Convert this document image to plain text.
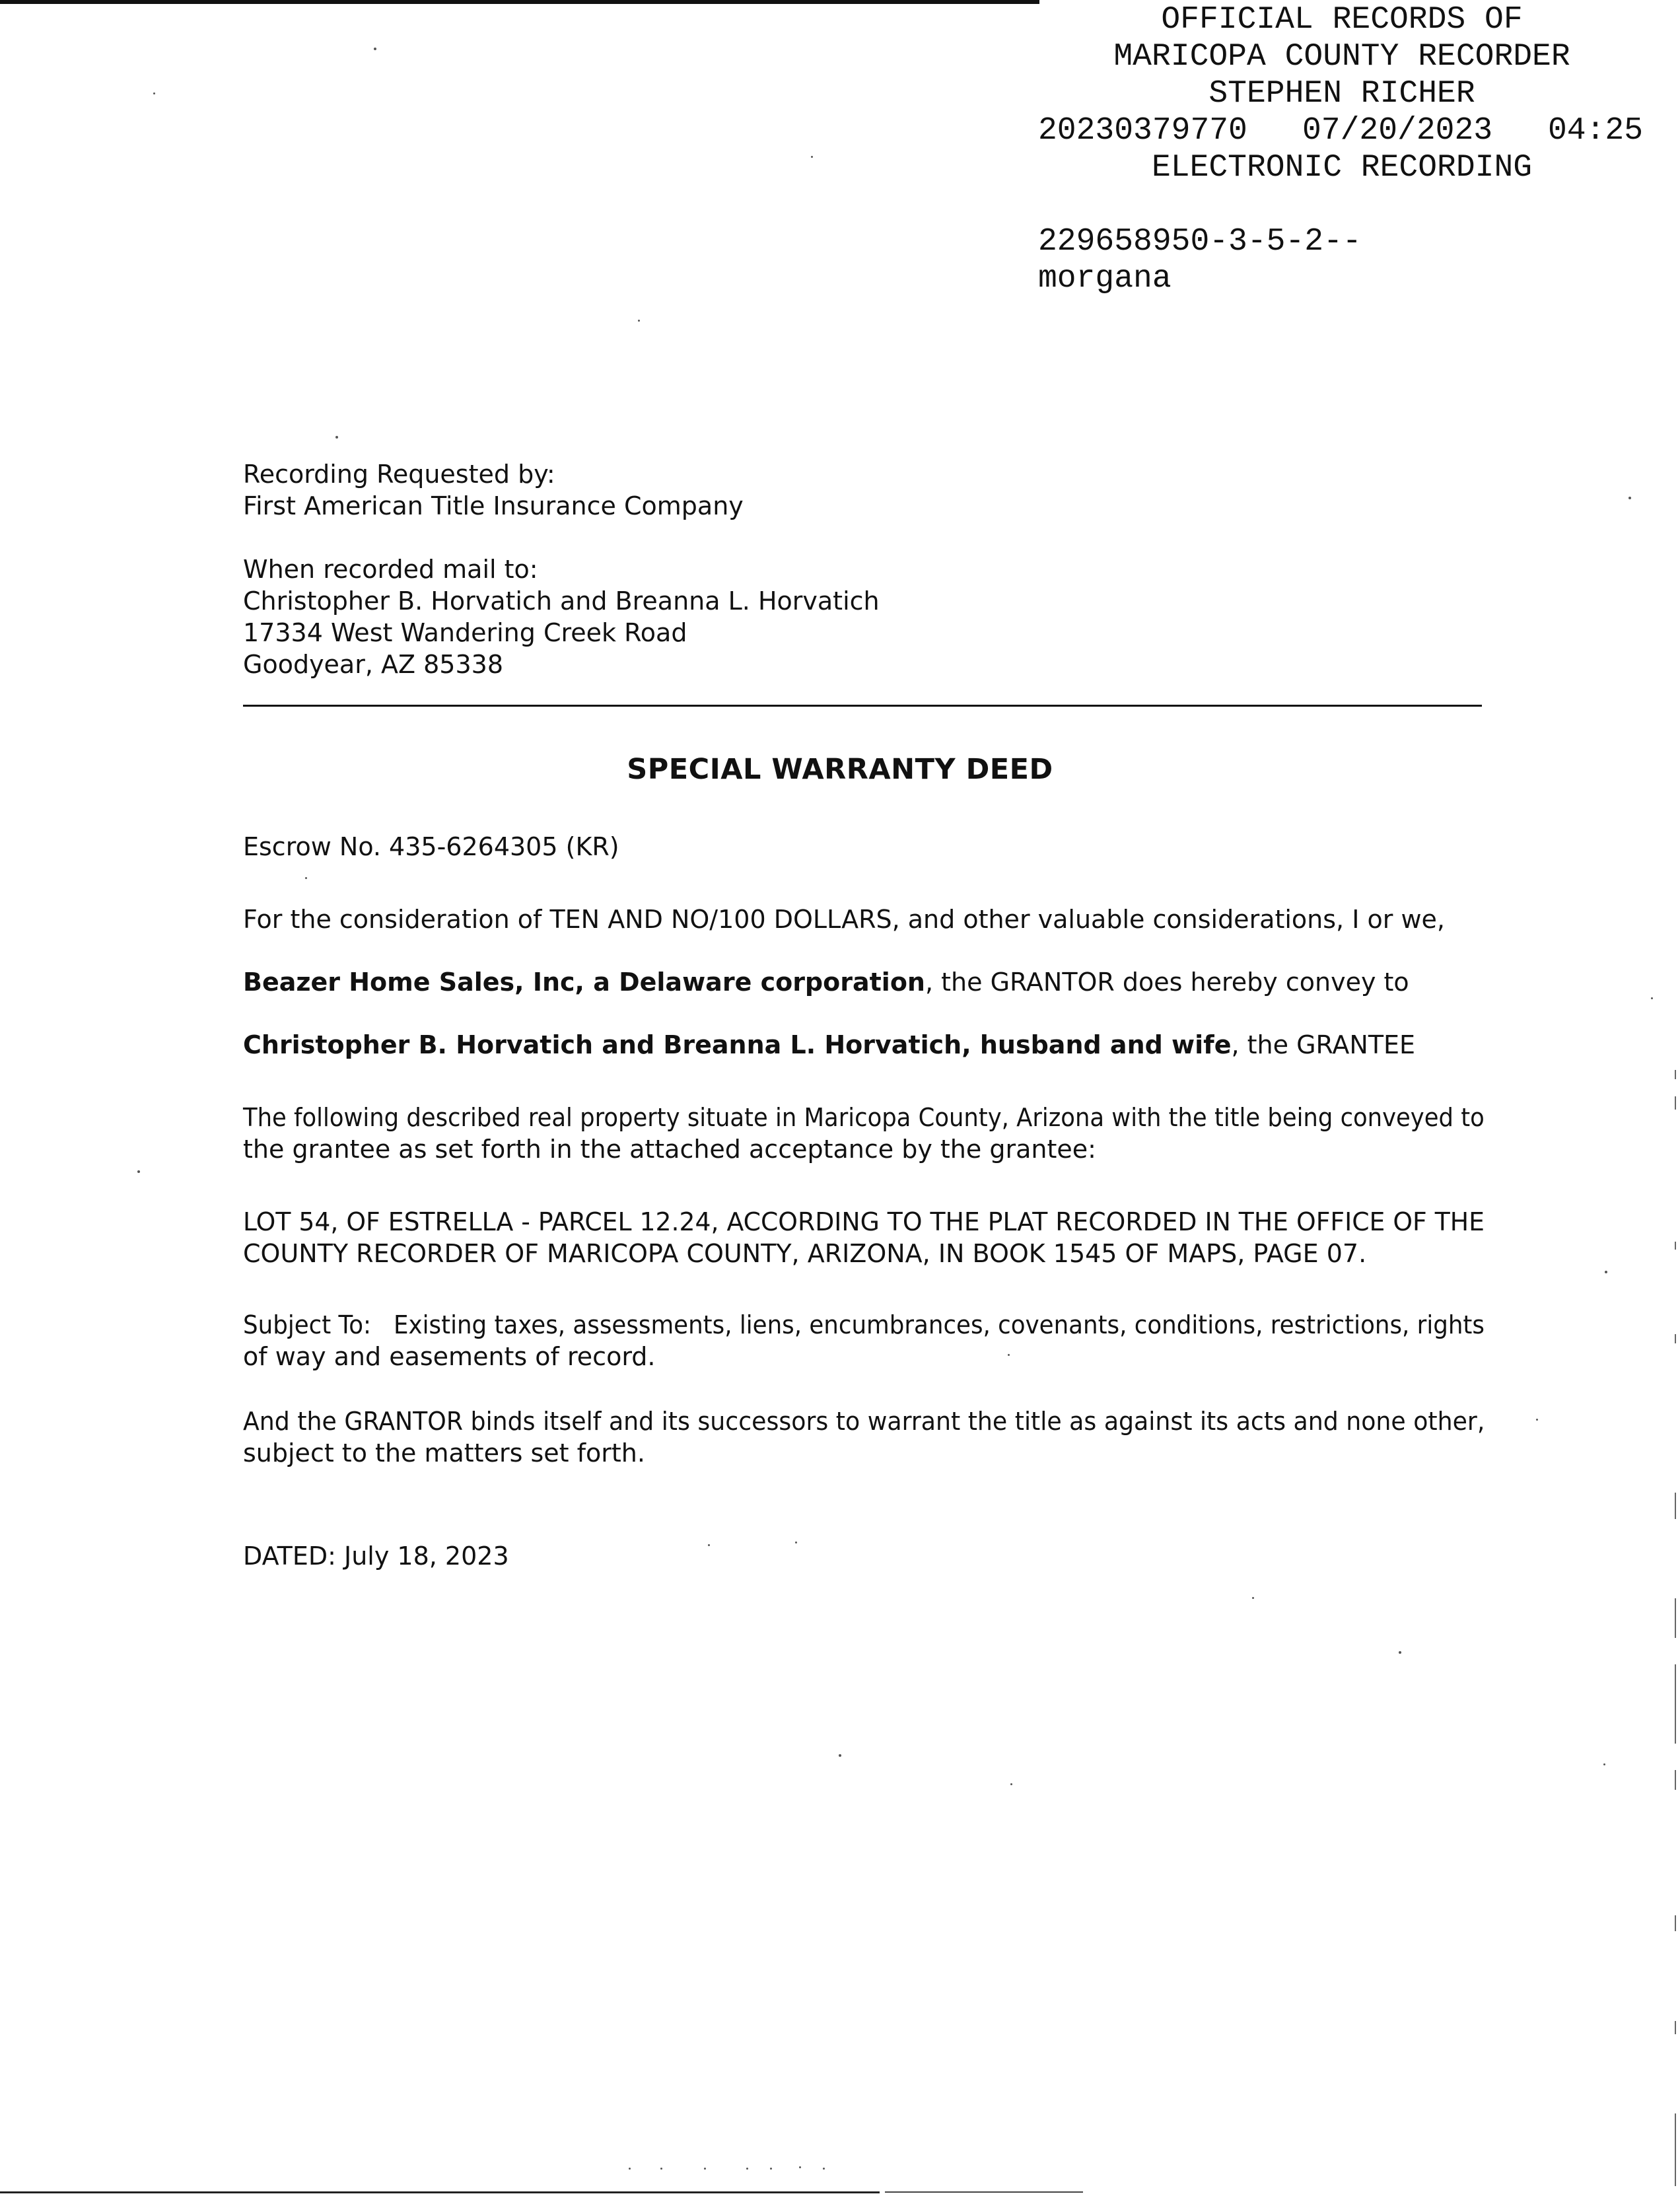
OFFICIAL RECORDS OF
MARICOPA COUNTY RECORDER
STEPHEN RICHER
20230379770	07/20/2023	04:25
ELECTRONIC RECORDING
229658950-3-5-2--
morgana
Recording Requested by:
First American Title Insurance Company
When recorded mail to:
Christopher B. Horvatich and Breanna L. Horvatich
17334 West Wandering Creek Road
Goodyear, AZ 85338
SPECIAL WARRANTY DEED
Escrow No. 435-6264305 (KR)
For the consideration of TEN AND NO/100 DOLLARS, and other valuable considerations, I or we,
Beazer Home Sales, Inc, a Delaware corporation, the GRANTOR does hereby convey to
Christopher B. Horvatich and Breanna L. Horvatich, husband and wife, the GRANTEE
The following described real property situate in Maricopa County, Arizona with the title being conveyed to
the grantee as set forth in the attached acceptance by the grantee:
LOT 54, OF ESTRELLA - PARCEL 12.24, ACCORDING TO THE PLAT RECORDED IN THE OFFICE OF THE
COUNTY RECORDER OF MARICOPA COUNTY, ARIZONA, IN BOOK 1545 OF MAPS, PAGE 07.
Subject To:   Existing taxes, assessments, liens, encumbrances, covenants, conditions, restrictions, rights
of way and easements of record.
And the GRANTOR binds itself and its successors to warrant the title as against its acts and none other,
subject to the matters set forth.
DATED: July 18, 2023
